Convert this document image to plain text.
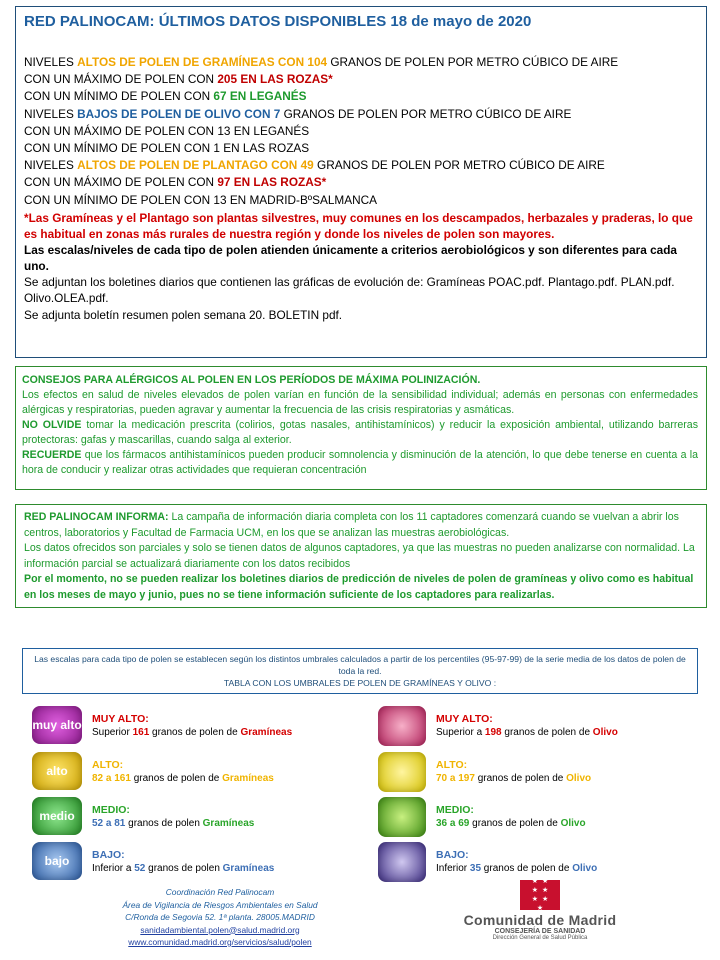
RED PALINOCAM: ÚLTIMOS DATOS DISPONIBLES 18 de mayo de 2020
NIVELES ALTOS DE POLEN DE GRAMÍNEAS CON 104 GRANOS DE POLEN POR METRO CÚBICO DE AIRE
CON UN MÁXIMO DE POLEN CON 205 EN LAS ROZAS*
CON UN MÍNIMO DE POLEN CON 67 EN LEGANÉS
NIVELES BAJOS DE POLEN DE OLIVO CON 7 GRANOS DE POLEN POR METRO CÚBICO DE AIRE
CON UN MÁXIMO DE POLEN CON 13 EN LEGANÉS
CON UN MÍNIMO DE POLEN CON 1 EN LAS ROZAS
NIVELES ALTOS DE POLEN DE PLANTAGO CON 49 GRANOS DE POLEN POR METRO CÚBICO DE AIRE
CON UN MÁXIMO DE POLEN CON 97 EN LAS ROZAS*
CON UN MÍNIMO DE POLEN CON 13 EN MADRID-BºSALMANCA
*Las Gramíneas y el Plantago son plantas silvestres, muy comunes en los descampados, herbazales y praderas, lo que es habitual en zonas más rurales de nuestra región y donde los niveles de polen son mayores.
Las escalas/niveles de cada tipo de polen atienden únicamente a criterios aerobiológicos y son diferentes para cada uno.
Se adjuntan los boletines diarios que contienen las gráficas de evolución de: Gramíneas POAC.pdf. Plantago.pdf. PLAN.pdf. Olivo.OLEA.pdf.
Se adjunta boletín resumen polen semana 20. BOLETIN pdf.
CONSEJOS PARA ALÉRGICOS AL POLEN EN LOS PERÍODOS DE MÁXIMA POLINIZACIÓN.

Los efectos en salud de niveles elevados de polen varían en función de la sensibilidad individual; además en personas con enfermedades alérgicas y respiratorias, pueden agravar y aumentar la frecuencia de las crisis respiratorias y asmáticas.

NO OLVIDE tomar la medicación prescrita (colirios, gotas nasales, antihistamínicos) y reducir la exposición ambiental, utilizando barreras protectoras: gafas y mascarillas, cuando salga al exterior.

RECUERDE que los fármacos antihistamínicos pueden producir somnolencia y disminución de la atención, lo que debe tenerse en cuenta a la hora de conducir y realizar otras actividades que requieran concentración

RED PALINOCAM INFORMA: La campaña de información diaria completa con los 11 captadores comenzará cuando se vuelvan a abrir los centros, laboratorios y Facultad de Farmacia UCM, en los que se analizan las muestras aerobiológicas.

Los datos ofrecidos son parciales y solo se tienen datos de algunos captadores, ya que las muestras no pueden analizarse con normalidad. La información parcial se actualizará diariamente con los datos recibidos

Por el momento, no se pueden realizar los boletines diarios de predicción de niveles de polen de gramíneas y olivo como es habitual en los meses de mayo y junio, pues no se tiene información suficiente de los captadores para realizarlas.

Las escalas para cada tipo de polen se establecen según los distintos umbrales calculados a partir de los percentiles (95-97-99) de la serie media de los datos de polen de toda la red.
TABLA CON LOS UMBRALES DE POLEN DE GRAMÍNEAS Y OLIVO :
muy alto MUY ALTO:
Superior 161 granos de polen de Gramíneas
alto	ALTO:
82 a 161 granos de polen de Gramíneas
medio	MEDIO:
52 a 81 granos de polen Gramíneas
bajo	BAJO:
Inferior a 52 granos de polen Gramíneas
MUY ALTO:
Superior a 198 granos de polen de Olivo
ALTO:
70 a 197 granos de polen de Olivo
MEDIO:
36 a 69 granos de polen de Olivo
BAJO:
Inferior 35 granos de polen de Olivo
Coordinación Red Palinocam
Área de Vigilancia de Riesgos Ambientales en Salud
C/Ronda de Segovia 52. 1ª planta. 28005.MADRID
sanidadambiental.polen@salud.madrid.org
www.comunidad.madrid.org/servicios/salud/polen
★ ★
★ ★
★ ★
★
Comunidad de Madrid
CONSEJERÍA DE SANIDAD
Dirección General de Salud Pública
